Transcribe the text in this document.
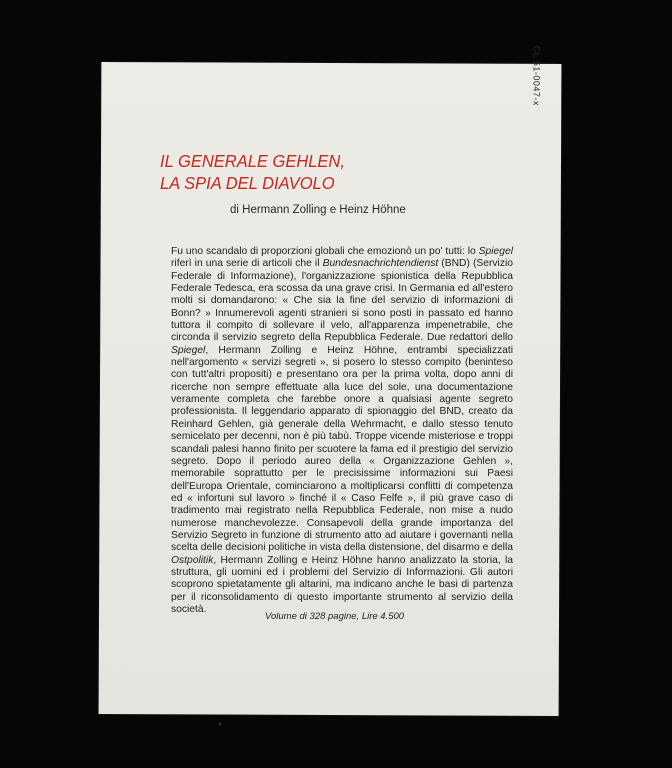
CL 51-0047-x
IL GENERALE GEHLEN,
LA SPIA DEL DIAVOLO
di Hermann Zolling e Heinz Höhne

Fu uno scandalo di proporzioni globali che emozionò un po' tutti: lo Spiegel riferì in una serie di articoli che il Bundesnachrichtendienst (BND) (Servizio Federale di Informazione), l'organizzazione spionistica della Repubblica Federale Tedesca, era scossa da una grave crisi. In Germania ed all'estero molti si domandarono: « Che sia la fine del servizio di informazioni di Bonn? » Innumerevoli agenti stranieri si sono posti in passato ed hanno tuttora il compito di sollevare il velo, all'apparenza impenetrabile, che circonda il servizio segreto della Repubblica Federale. Due redattori dello Spiegel, Hermann Zolling e Heinz Höhne, entrambi specializzati nell'argomento « servizi segreti », si posero lo stesso compito (beninteso con tutt'altri propositi) e presentano ora per la prima volta, dopo anni di ricerche non sempre effettuate alla luce del sole, una documentazione veramente completa che farebbe onore a qualsiasi agente segreto professionista. Il leggendario apparato di spionaggio del BND, creato da Reinhard Gehlen, già generale della Wehrmacht, e dallo stesso tenuto semicelato per decenni, non è più tabù. Troppe vicende misteriose e troppi scandali palesi hanno finito per scuotere la fama ed il prestigio del servizio segreto. Dopo il periodo aureo della « Organizzazione Gehlen », memorabile soprattutto per le precisissime informazioni sui Paesi dell'Europa Orientale, cominciarono a moltiplicarsi conflitti di competenza ed « infortuni sul lavoro » finché il « Caso Felfe », il più grave caso di tradimento mai registrato nella Repubblica Federale, non mise a nudo numerose manchevolezze. Consapevoli della grande importanza del Servizio Segreto in funzione di strumento atto ad aiutare i governanti nella scelta delle decisioni politiche in vista della distensione, del disarmo e della Ostpolitik, Hermann Zolling e Heinz Höhne hanno analizzato la storia, la struttura, gli uomini ed i problemi del Servizio di Informazioni. Gli autori scoprono spietatamente gli altarini, ma indicano anche le basi di partenza per il riconsolidamento di questo importante strumento al servizio della società.

Volume di 328 pagine, Lire 4.500
